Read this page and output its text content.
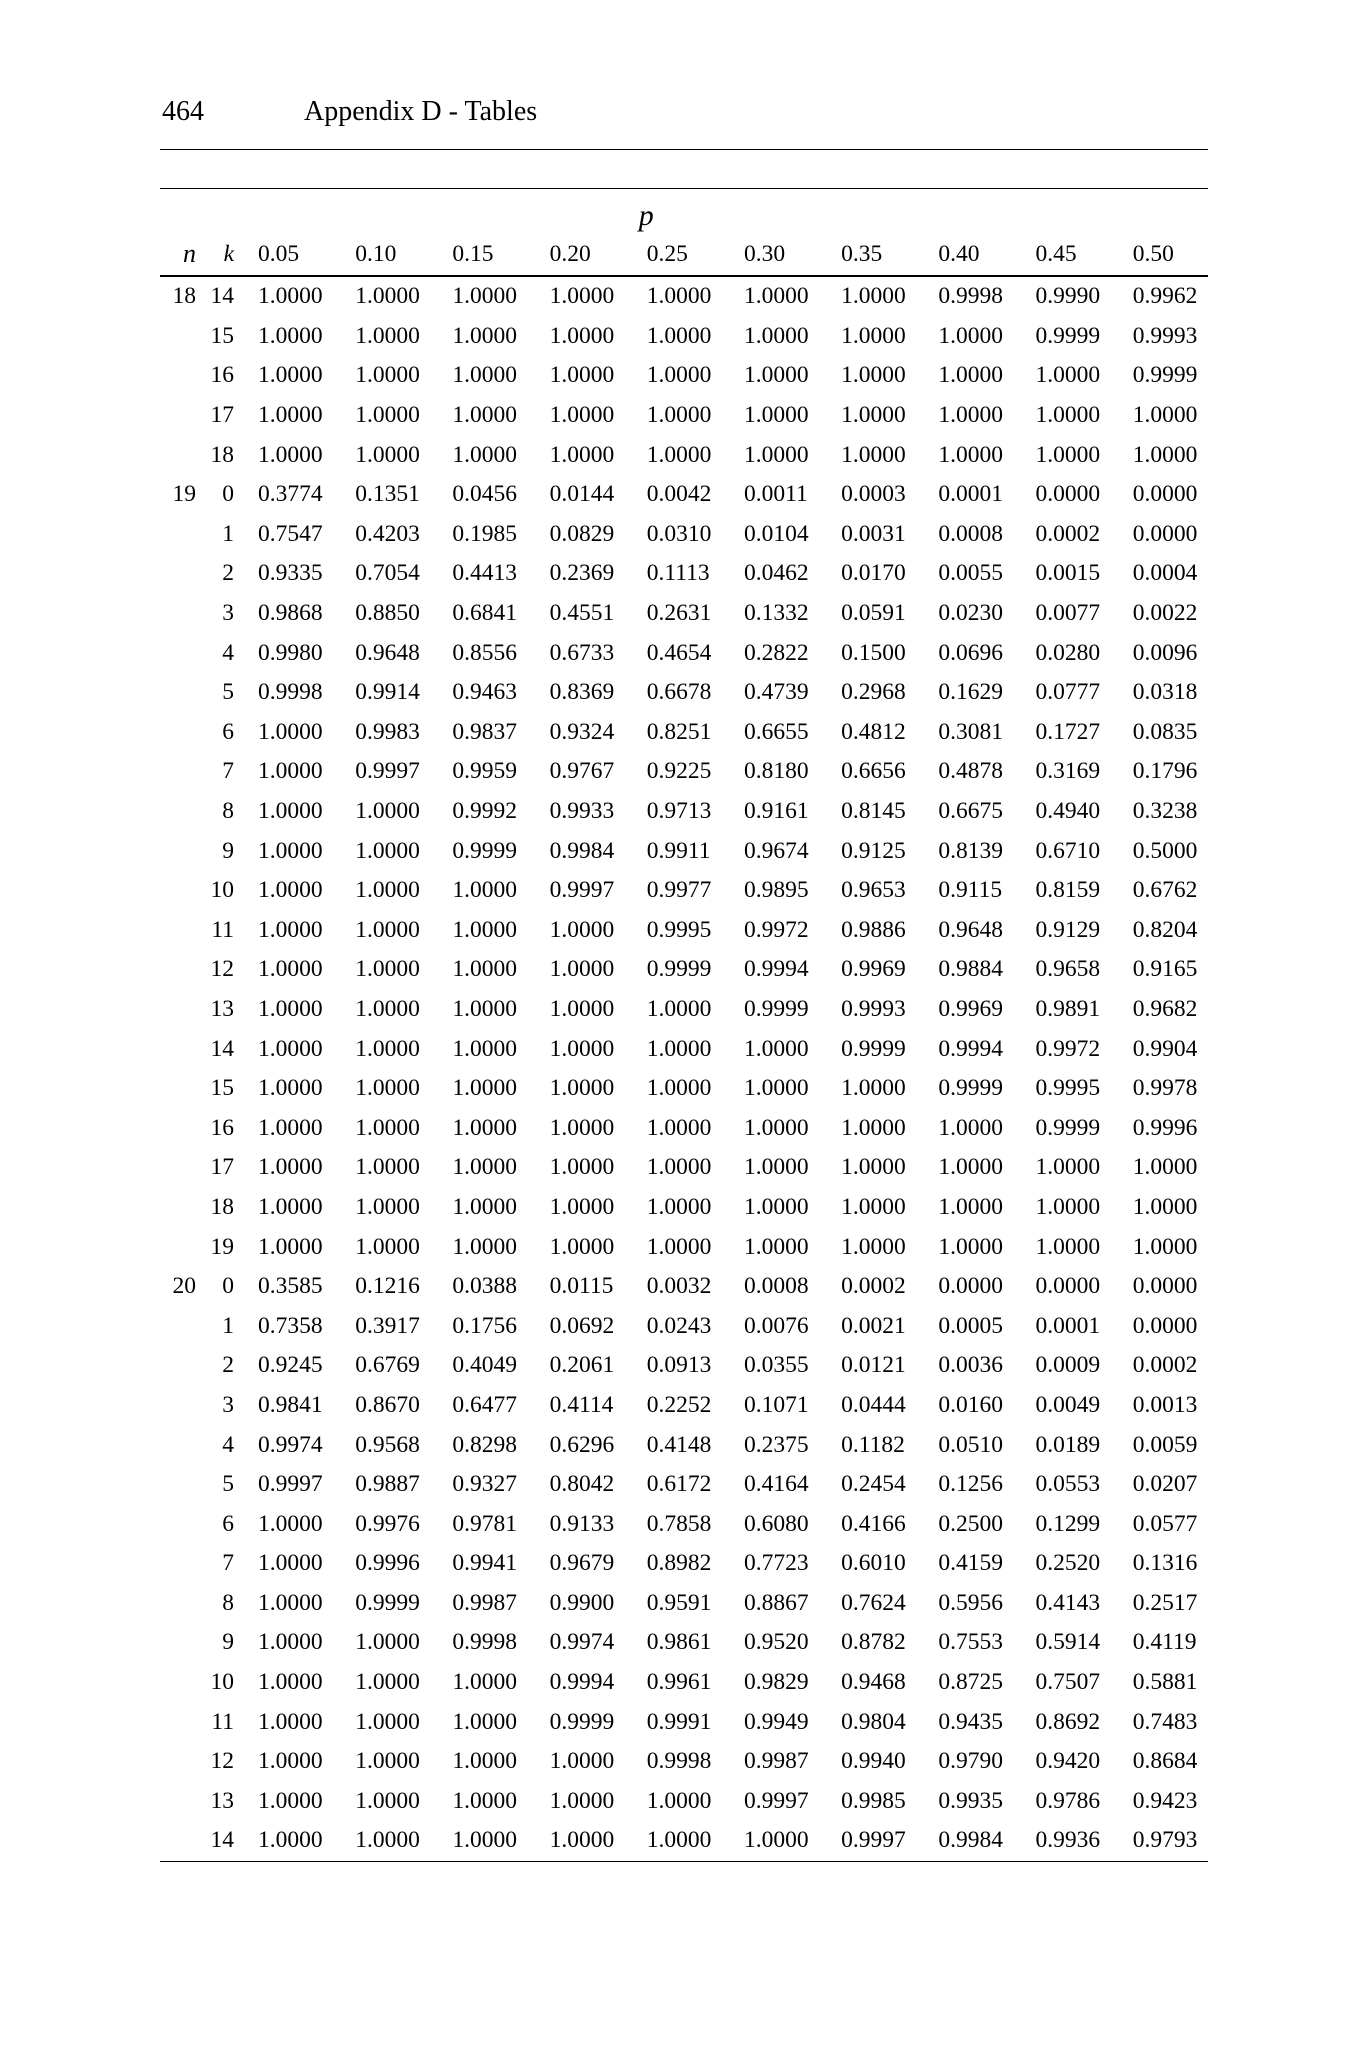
464	Appendix D - Tables
						p					
n	k	0.05	0.10	0.15	0.20	0.25	0.30	0.35	0.40	0.45	0.50
18	14	1.0000	1.0000	1.0000	1.0000	1.0000	1.0000	1.0000	0.9998	0.9990	0.9962
	15	1.0000	1.0000	1.0000	1.0000	1.0000	1.0000	1.0000	1.0000	0.9999	0.9993
	16	1.0000	1.0000	1.0000	1.0000	1.0000	1.0000	1.0000	1.0000	1.0000	0.9999
	17	1.0000	1.0000	1.0000	1.0000	1.0000	1.0000	1.0000	1.0000	1.0000	1.0000
	18	1.0000	1.0000	1.0000	1.0000	1.0000	1.0000	1.0000	1.0000	1.0000	1.0000
19	0	0.3774	0.1351	0.0456	0.0144	0.0042	0.0011	0.0003	0.0001	0.0000	0.0000
	1	0.7547	0.4203	0.1985	0.0829	0.0310	0.0104	0.0031	0.0008	0.0002	0.0000
	2	0.9335	0.7054	0.4413	0.2369	0.1113	0.0462	0.0170	0.0055	0.0015	0.0004
	3	0.9868	0.8850	0.6841	0.4551	0.2631	0.1332	0.0591	0.0230	0.0077	0.0022
	4	0.9980	0.9648	0.8556	0.6733	0.4654	0.2822	0.1500	0.0696	0.0280	0.0096
	5	0.9998	0.9914	0.9463	0.8369	0.6678	0.4739	0.2968	0.1629	0.0777	0.0318
	6	1.0000	0.9983	0.9837	0.9324	0.8251	0.6655	0.4812	0.3081	0.1727	0.0835
	7	1.0000	0.9997	0.9959	0.9767	0.9225	0.8180	0.6656	0.4878	0.3169	0.1796
	8	1.0000	1.0000	0.9992	0.9933	0.9713	0.9161	0.8145	0.6675	0.4940	0.3238
	9	1.0000	1.0000	0.9999	0.9984	0.9911	0.9674	0.9125	0.8139	0.6710	0.5000
	10	1.0000	1.0000	1.0000	0.9997	0.9977	0.9895	0.9653	0.9115	0.8159	0.6762
	11	1.0000	1.0000	1.0000	1.0000	0.9995	0.9972	0.9886	0.9648	0.9129	0.8204
	12	1.0000	1.0000	1.0000	1.0000	0.9999	0.9994	0.9969	0.9884	0.9658	0.9165
	13	1.0000	1.0000	1.0000	1.0000	1.0000	0.9999	0.9993	0.9969	0.9891	0.9682
	14	1.0000	1.0000	1.0000	1.0000	1.0000	1.0000	0.9999	0.9994	0.9972	0.9904
	15	1.0000	1.0000	1.0000	1.0000	1.0000	1.0000	1.0000	0.9999	0.9995	0.9978
	16	1.0000	1.0000	1.0000	1.0000	1.0000	1.0000	1.0000	1.0000	0.9999	0.9996
	17	1.0000	1.0000	1.0000	1.0000	1.0000	1.0000	1.0000	1.0000	1.0000	1.0000
	18	1.0000	1.0000	1.0000	1.0000	1.0000	1.0000	1.0000	1.0000	1.0000	1.0000
	19	1.0000	1.0000	1.0000	1.0000	1.0000	1.0000	1.0000	1.0000	1.0000	1.0000
20	0	0.3585	0.1216	0.0388	0.0115	0.0032	0.0008	0.0002	0.0000	0.0000	0.0000
	1	0.7358	0.3917	0.1756	0.0692	0.0243	0.0076	0.0021	0.0005	0.0001	0.0000
	2	0.9245	0.6769	0.4049	0.2061	0.0913	0.0355	0.0121	0.0036	0.0009	0.0002
	3	0.9841	0.8670	0.6477	0.4114	0.2252	0.1071	0.0444	0.0160	0.0049	0.0013
	4	0.9974	0.9568	0.8298	0.6296	0.4148	0.2375	0.1182	0.0510	0.0189	0.0059
	5	0.9997	0.9887	0.9327	0.8042	0.6172	0.4164	0.2454	0.1256	0.0553	0.0207
	6	1.0000	0.9976	0.9781	0.9133	0.7858	0.6080	0.4166	0.2500	0.1299	0.0577
	7	1.0000	0.9996	0.9941	0.9679	0.8982	0.7723	0.6010	0.4159	0.2520	0.1316
	8	1.0000	0.9999	0.9987	0.9900	0.9591	0.8867	0.7624	0.5956	0.4143	0.2517
	9	1.0000	1.0000	0.9998	0.9974	0.9861	0.9520	0.8782	0.7553	0.5914	0.4119
	10	1.0000	1.0000	1.0000	0.9994	0.9961	0.9829	0.9468	0.8725	0.7507	0.5881
	11	1.0000	1.0000	1.0000	0.9999	0.9991	0.9949	0.9804	0.9435	0.8692	0.7483
	12	1.0000	1.0000	1.0000	1.0000	0.9998	0.9987	0.9940	0.9790	0.9420	0.8684
	13	1.0000	1.0000	1.0000	1.0000	1.0000	0.9997	0.9985	0.9935	0.9786	0.9423
	14	1.0000	1.0000	1.0000	1.0000	1.0000	1.0000	0.9997	0.9984	0.9936	0.9793
